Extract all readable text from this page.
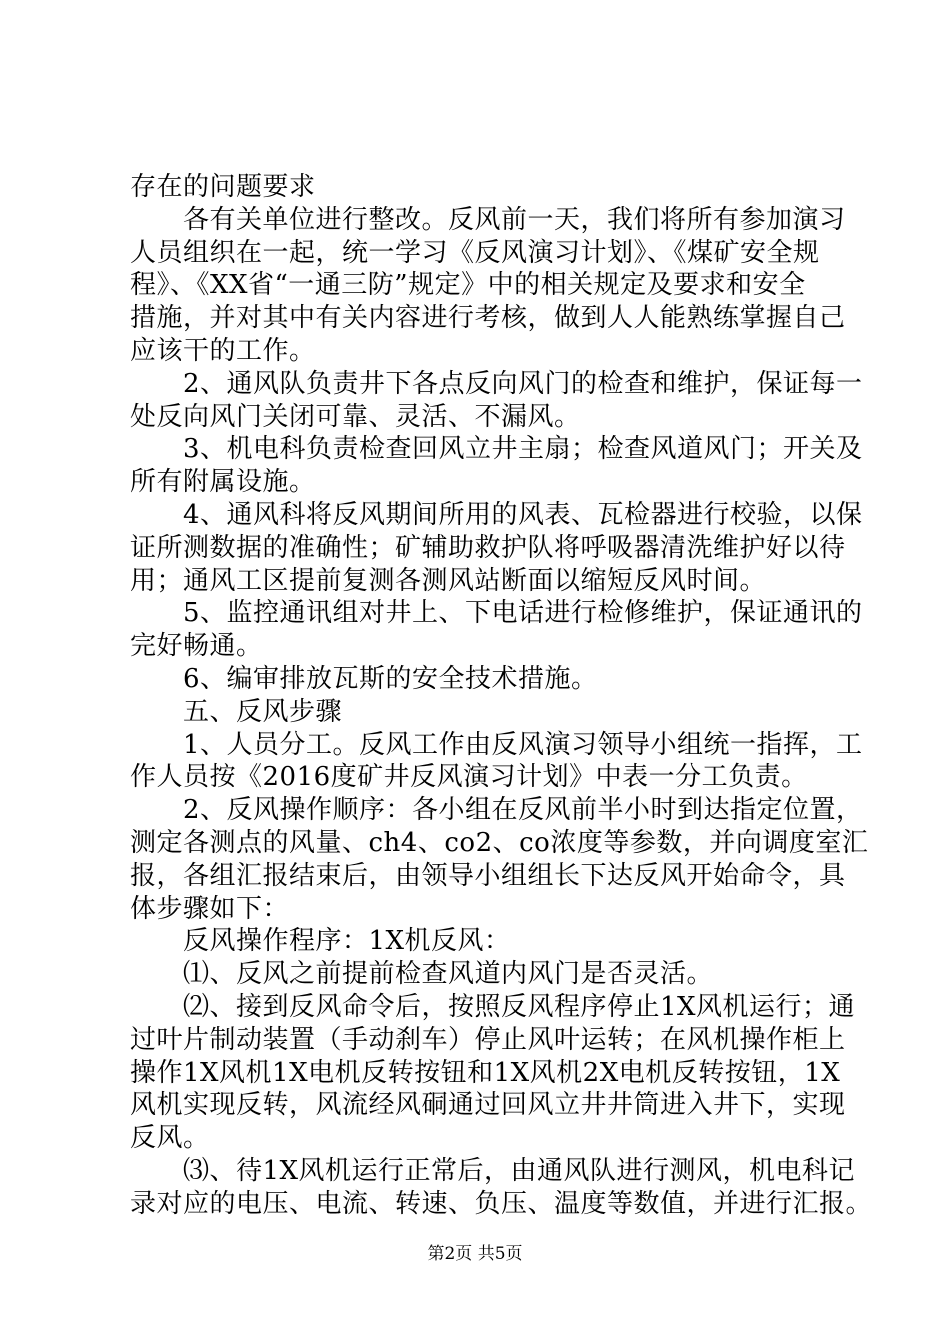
存在的问题要求
　　各有关单位进行整改。反风前一天，我们将所有参加演习
人员组织在一起，统一学习《反风演习计划》、《煤矿安全规
程》、《XX省“一通三防”规定》中的相关规定及要求和安全
措施，并对其中有关内容进行考核，做到人人能熟练掌握自己
应该干的工作。
　　2、通风队负责井下各点反向风门的检查和维护，保证每一
处反向风门关闭可靠、灵活、不漏风。
　　3、机电科负责检查回风立井主扇；检查风道风门；开关及
所有附属设施。
　　4、通风科将反风期间所用的风表、瓦检器进行校验，以保
证所测数据的准确性；矿辅助救护队将呼吸器清洗维护好以待
用；通风工区提前复测各测风站断面以缩短反风时间。
　　5、监控通讯组对井上、下电话进行检修维护，保证通讯的
完好畅通。
　　6、编审排放瓦斯的安全技术措施。
　　五、反风步骤
　　1、人员分工。反风工作由反风演习领导小组统一指挥，工
作人员按《2016度矿井反风演习计划》中表一分工负责。
　　2、反风操作顺序：各小组在反风前半小时到达指定位置，
测定各测点的风量、ch4、co2、co浓度等参数，并向调度室汇
报，各组汇报结束后，由领导小组组长下达反风开始命令，具
体步骤如下：
　　反风操作程序：1X机反风：
　　⑴、反风之前提前检查风道内风门是否灵活。
　　⑵、接到反风命令后，按照反风程序停止1X风机运行；通
过叶片制动装置（手动刹车）停止风叶运转；在风机操作柜上
操作1X风机1X电机反转按钮和1X风机2X电机反转按钮，1X
风机实现反转，风流经风硐通过回风立井井筒进入井下，实现
反风。
　　⑶、待1X风机运行正常后，由通风队进行测风，机电科记
录对应的电压、电流、转速、负压、温度等数值，并进行汇报。
第2页 共5页
